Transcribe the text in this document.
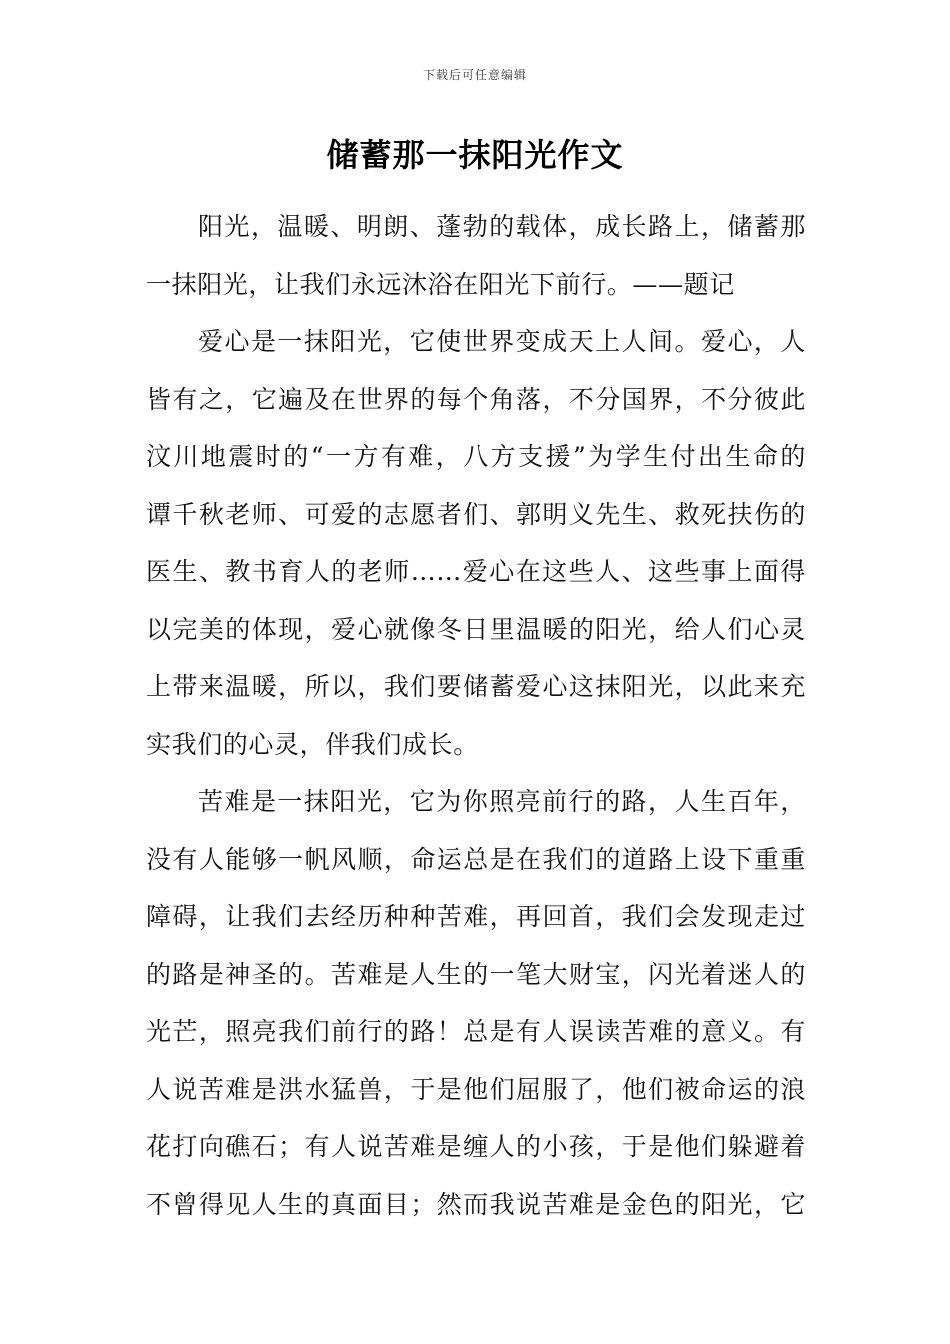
下载后可任意编辑
储蓄那一抹阳光作文
阳光，温暖、明朗、蓬勃的载体，成长路上，储蓄那
一抹阳光，让我们永远沐浴在阳光下前行。——题记
爱心是一抹阳光，它使世界变成天上人间。爱心，人
皆有之，它遍及在世界的每个角落，不分国界，不分彼此
汶川地震时的“一方有难，八方支援”为学生付出生命的
谭千秋老师、可爱的志愿者们、郭明义先生、救死扶伤的
医生、教书育人的老师……爱心在这些人、这些事上面得
以完美的体现，爱心就像冬日里温暖的阳光，给人们心灵
上带来温暖，所以，我们要储蓄爱心这抹阳光，以此来充
实我们的心灵，伴我们成长。
苦难是一抹阳光，它为你照亮前行的路，人生百年，
没有人能够一帆风顺，命运总是在我们的道路上设下重重
障碍，让我们去经历种种苦难，再回首，我们会发现走过
的路是神圣的。苦难是人生的一笔大财宝，闪光着迷人的
光芒，照亮我们前行的路！总是有人误读苦难的意义。有
人说苦难是洪水猛兽，于是他们屈服了，他们被命运的浪
花打向礁石；有人说苦难是缠人的小孩，于是他们躲避着
不曾得见人生的真面目；然而我说苦难是金色的阳光，它
